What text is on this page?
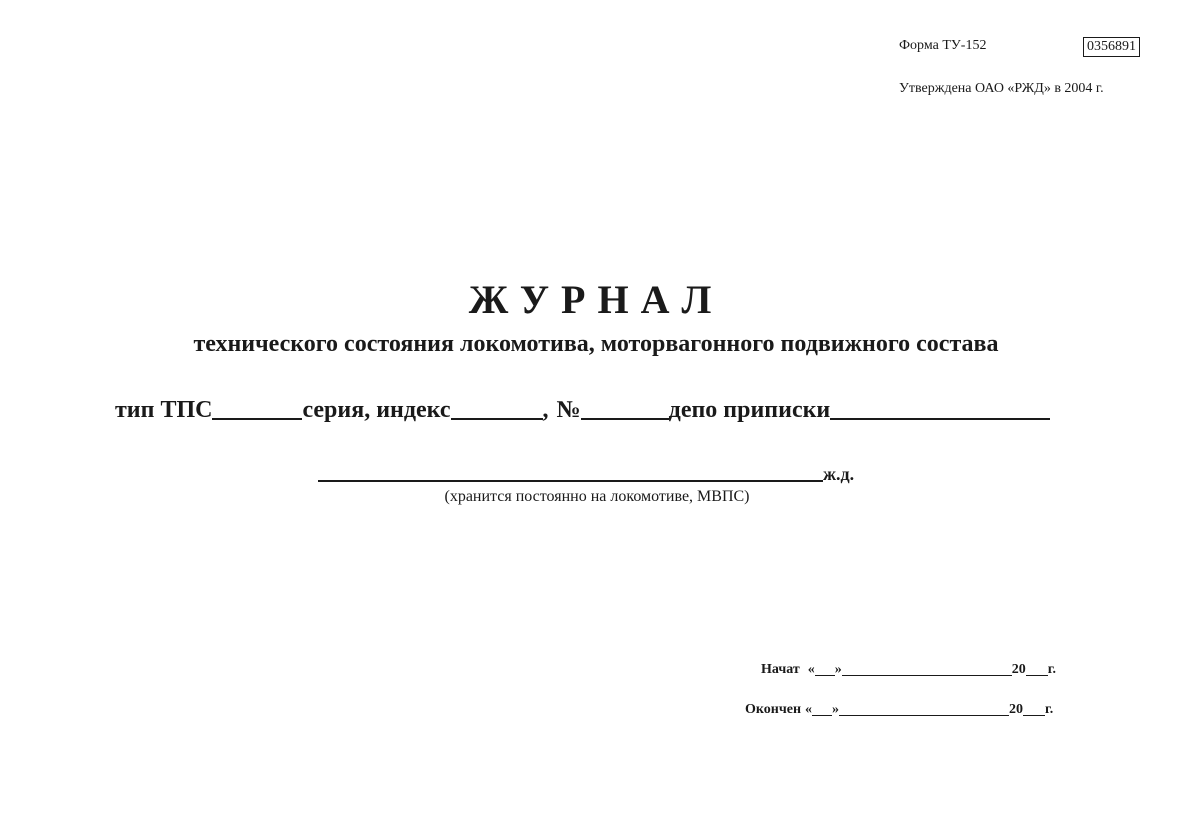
Форма ТУ-152	0356891
Утверждена ОАО «РЖД» в 2004 г.
ЖУРНАЛ
технического состояния локомотива, моторвагонного подвижного состава
тип ТПС	серия, индекс	, №	депо приписки
ж.д.
(хранится постоянно на локомотиве, МВПС)
Начат « »	20 г.
Окончен « »	20 г.
